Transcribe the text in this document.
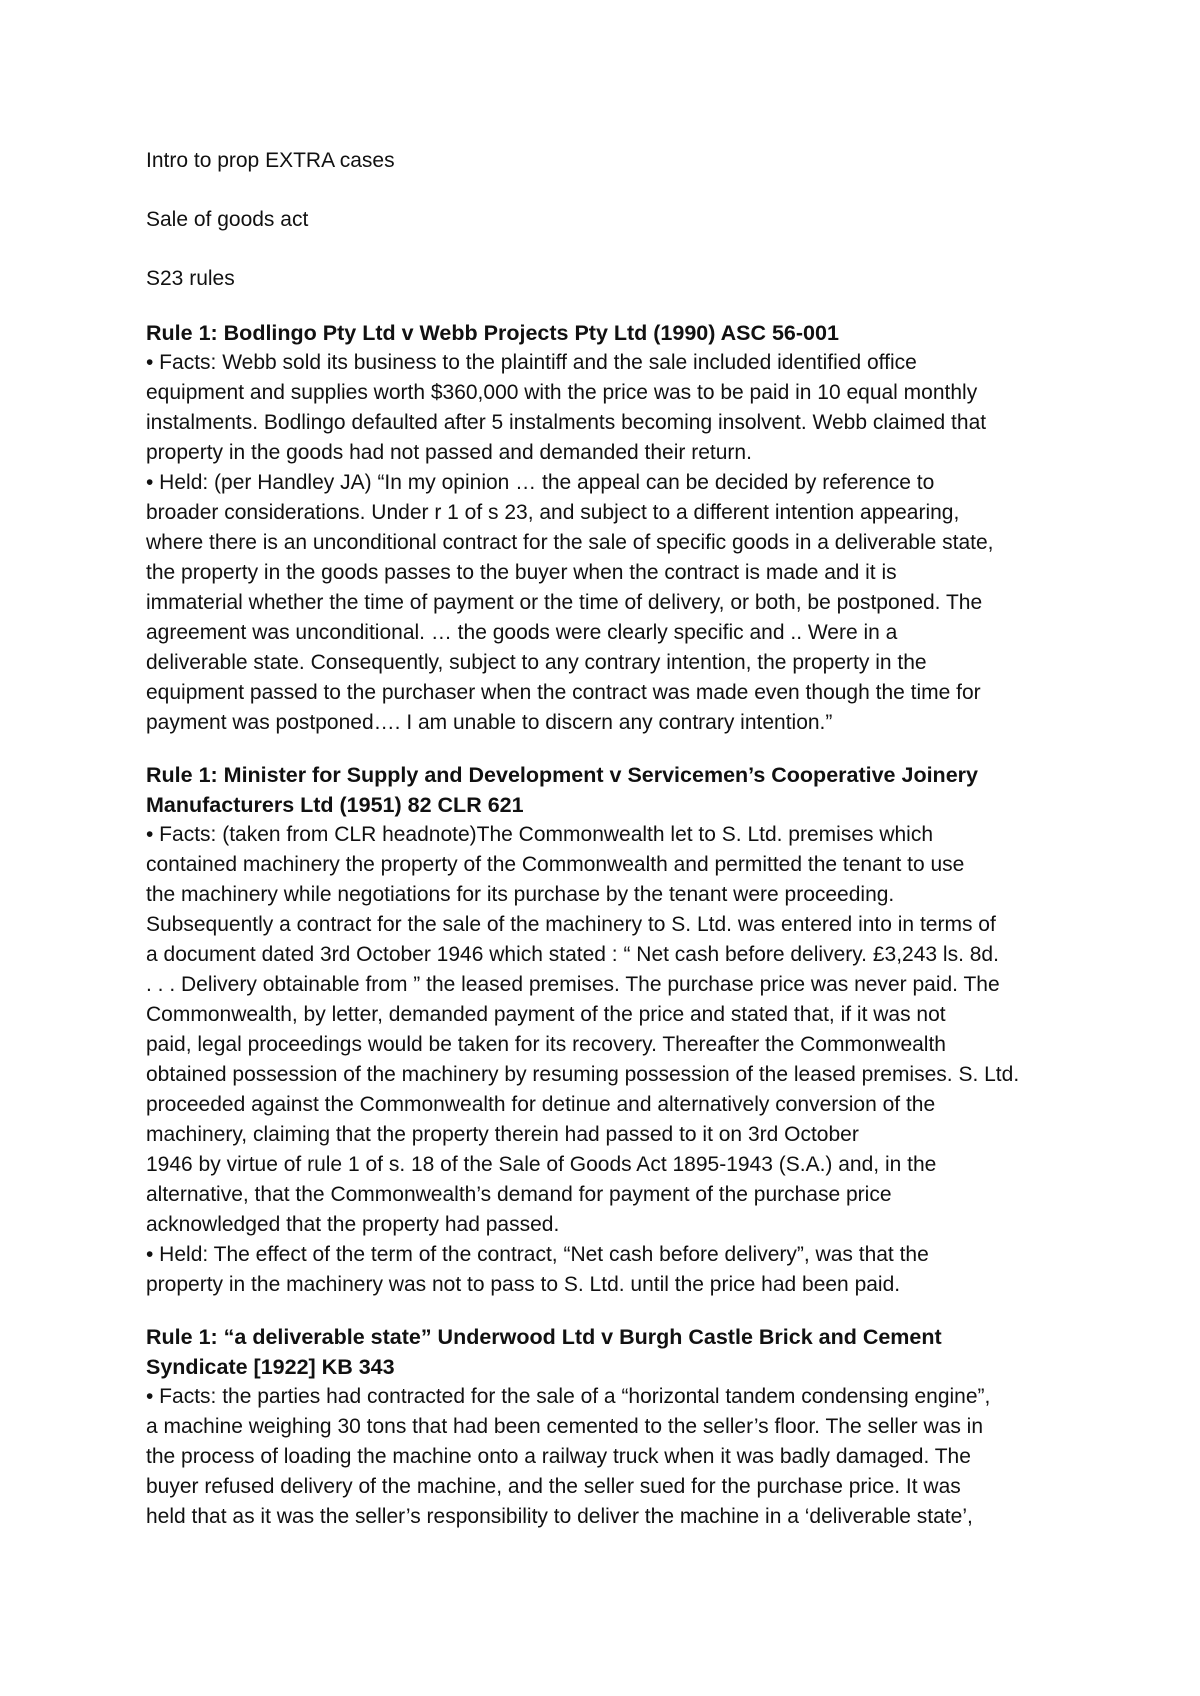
Intro to prop EXTRA cases

Sale of goods act

S23 rules

Rule 1: Bodlingo Pty Ltd v Webb Projects Pty Ltd (1990) ASC 56-001

• Facts: Webb sold its business to the plaintiff and the sale included identified office

equipment and supplies worth $360,000 with the price was to be paid in 10 equal monthly

instalments. Bodlingo defaulted after 5 instalments becoming insolvent. Webb claimed that

property in the goods had not passed and demanded their return.

• Held: (per Handley JA) “In my opinion … the appeal can be decided by reference to

broader considerations. Under r 1 of s 23, and subject to a different intention appearing,

where there is an unconditional contract for the sale of specific goods in a deliverable state,

the property in the goods passes to the buyer when the contract is made and it is

immaterial whether the time of payment or the time of delivery, or both, be postponed. The

agreement was unconditional. … the goods were clearly specific and .. Were in a

deliverable state. Consequently, subject to any contrary intention, the property in the

equipment passed to the purchaser when the contract was made even though the time for

payment was postponed…. I am unable to discern any contrary intention.”

Rule 1: Minister for Supply and Development v Servicemen’s Cooperative Joinery

Manufacturers Ltd (1951) 82 CLR 621

• Facts: (taken from CLR headnote)The Commonwealth let to S. Ltd. premises which

contained machinery the property of the Commonwealth and permitted the tenant to use

the machinery while negotiations for its purchase by the tenant were proceeding.

Subsequently a contract for the sale of the machinery to S. Ltd. was entered into in terms of

a document dated 3rd October 1946 which stated : “ Net cash before delivery. £3,243 ls. 8d.

. . . Delivery obtainable from ” the leased premises. The purchase price was never paid. The

Commonwealth, by letter, demanded payment of the price and stated that, if it was not

paid, legal proceedings would be taken for its recovery. Thereafter the Commonwealth

obtained possession of the machinery by resuming possession of the leased premises. S. Ltd.

proceeded against the Commonwealth for detinue and alternatively conversion of the

machinery, claiming that the property therein had passed to it on 3rd October

1946 by virtue of rule 1 of s. 18 of the Sale of Goods Act 1895-1943 (S.A.) and, in the

alternative, that the Commonwealth’s demand for payment of the purchase price

acknowledged that the property had passed.

• Held: The effect of the term of the contract, “Net cash before delivery”, was that the

property in the machinery was not to pass to S. Ltd. until the price had been paid.

Rule 1: “a deliverable state” Underwood Ltd v Burgh Castle Brick and Cement

Syndicate [1922] KB 343

• Facts: the parties had contracted for the sale of a “horizontal tandem condensing engine”,

a machine weighing 30 tons that had been cemented to the seller’s floor. The seller was in

the process of loading the machine onto a railway truck when it was badly damaged. The

buyer refused delivery of the machine, and the seller sued for the purchase price. It was

held that as it was the seller’s responsibility to deliver the machine in a ‘deliverable state’,
